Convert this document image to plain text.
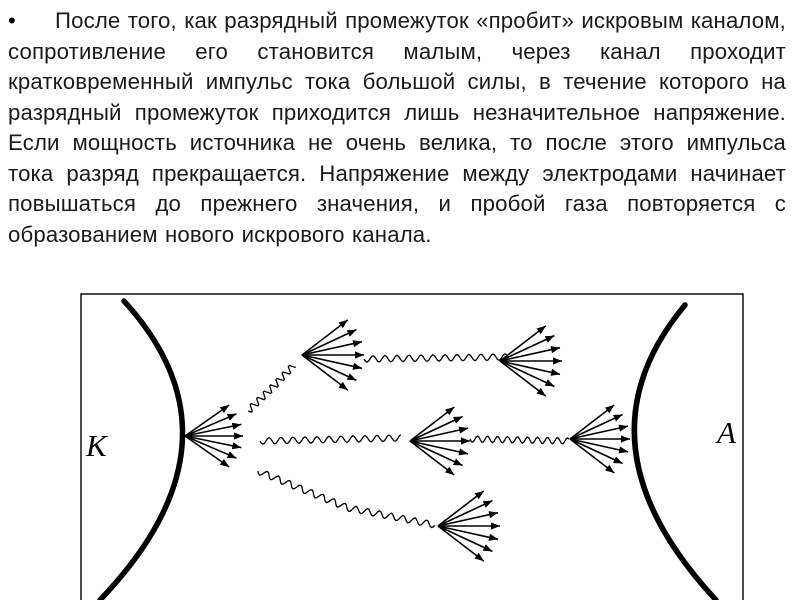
•	После того, как разрядный промежуток «пробит» искровым каналом, сопротивление его становится малым, через канал проходит кратковременный импульс тока большой силы, в течение которого на разрядный промежуток приходится лишь незначительное напряжение. Если мощность источника не очень велика, то после этого импульса тока разряд прекращается. Напряжение между электродами начинает повышаться до прежнего значения, и пробой газа повторяется с образованием нового искрового канала.
K	A
